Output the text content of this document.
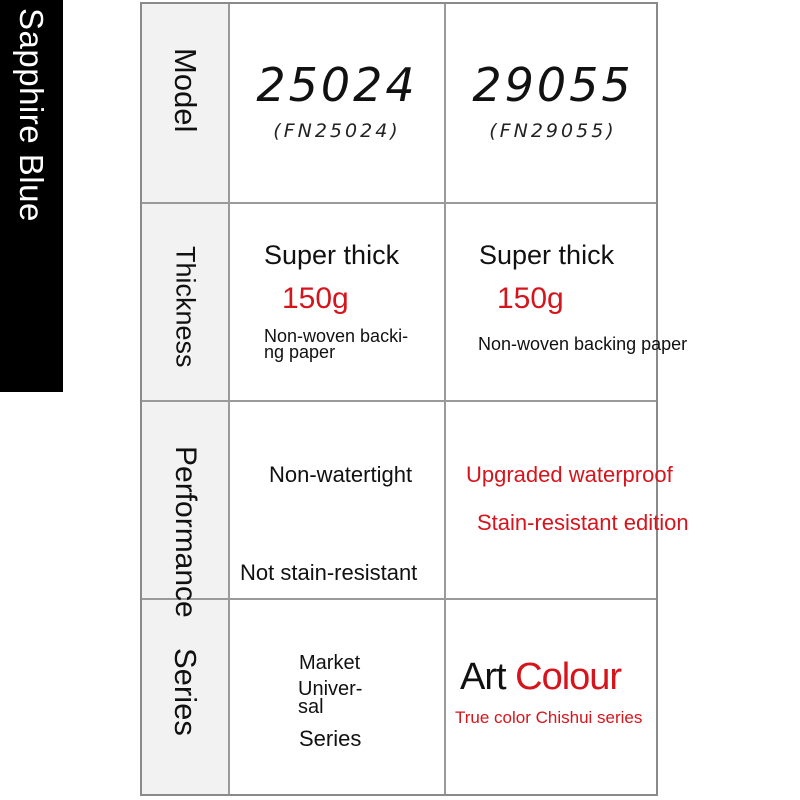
Sapphire Blue	Model
Thickness
Performance
Series
25024
(FN25024)
29055
(FN29055)
Super thick
150g
Non-woven backi-
ng paper
Super thick
150g
Non-woven backing paper
Non-watertight
Not stain-resistant
Upgraded waterproof
Stain-resistant edition
Market
Univer-
sal
Series
Art Colour
True color Chishui series
